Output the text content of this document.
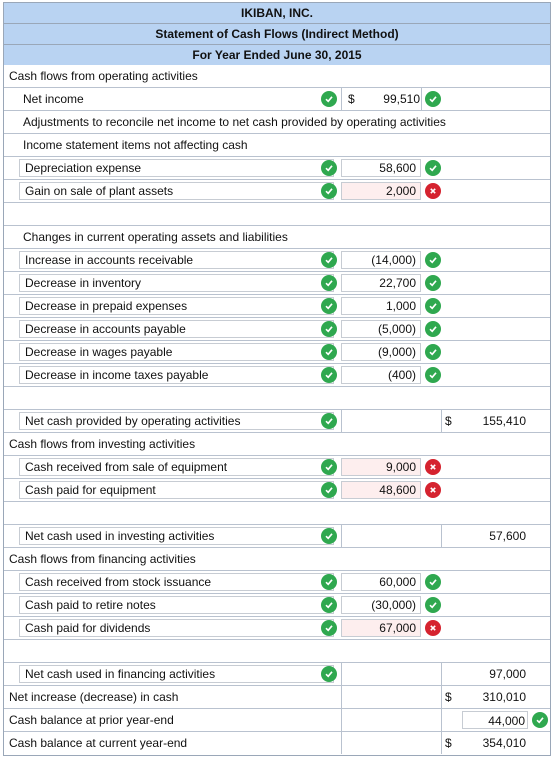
IKIBAN, INC.
Statement of Cash Flows (Indirect Method)
For Year Ended June 30, 2015
Cash flows from operating activities
Net income	$	99,510
Adjustments to reconcile net income to net cash provided by operating activities
Income statement items not affecting cash
Depreciation expense	58,600
Gain on sale of plant assets	2,000
Changes in current operating assets and liabilities
Increase in accounts receivable	(14,000)
Decrease in inventory	22,700
Decrease in prepaid expenses	1,000
Decrease in accounts payable	(5,000)
Decrease in wages payable	(9,000)
Decrease in income taxes payable	(400)
Net cash provided by operating activities	$	155,410
Cash flows from investing activities
Cash received from sale of equipment	9,000
Cash paid for equipment	48,600
Net cash used in investing activities	57,600
Cash flows from financing activities
Cash received from stock issuance	60,000
Cash paid to retire notes	(30,000)
Cash paid for dividends	67,000
Net cash used in financing activities	97,000
Net increase (decrease) in cash	$	310,010
Cash balance at prior year-end	44,000
Cash balance at current year-end	$	354,010
